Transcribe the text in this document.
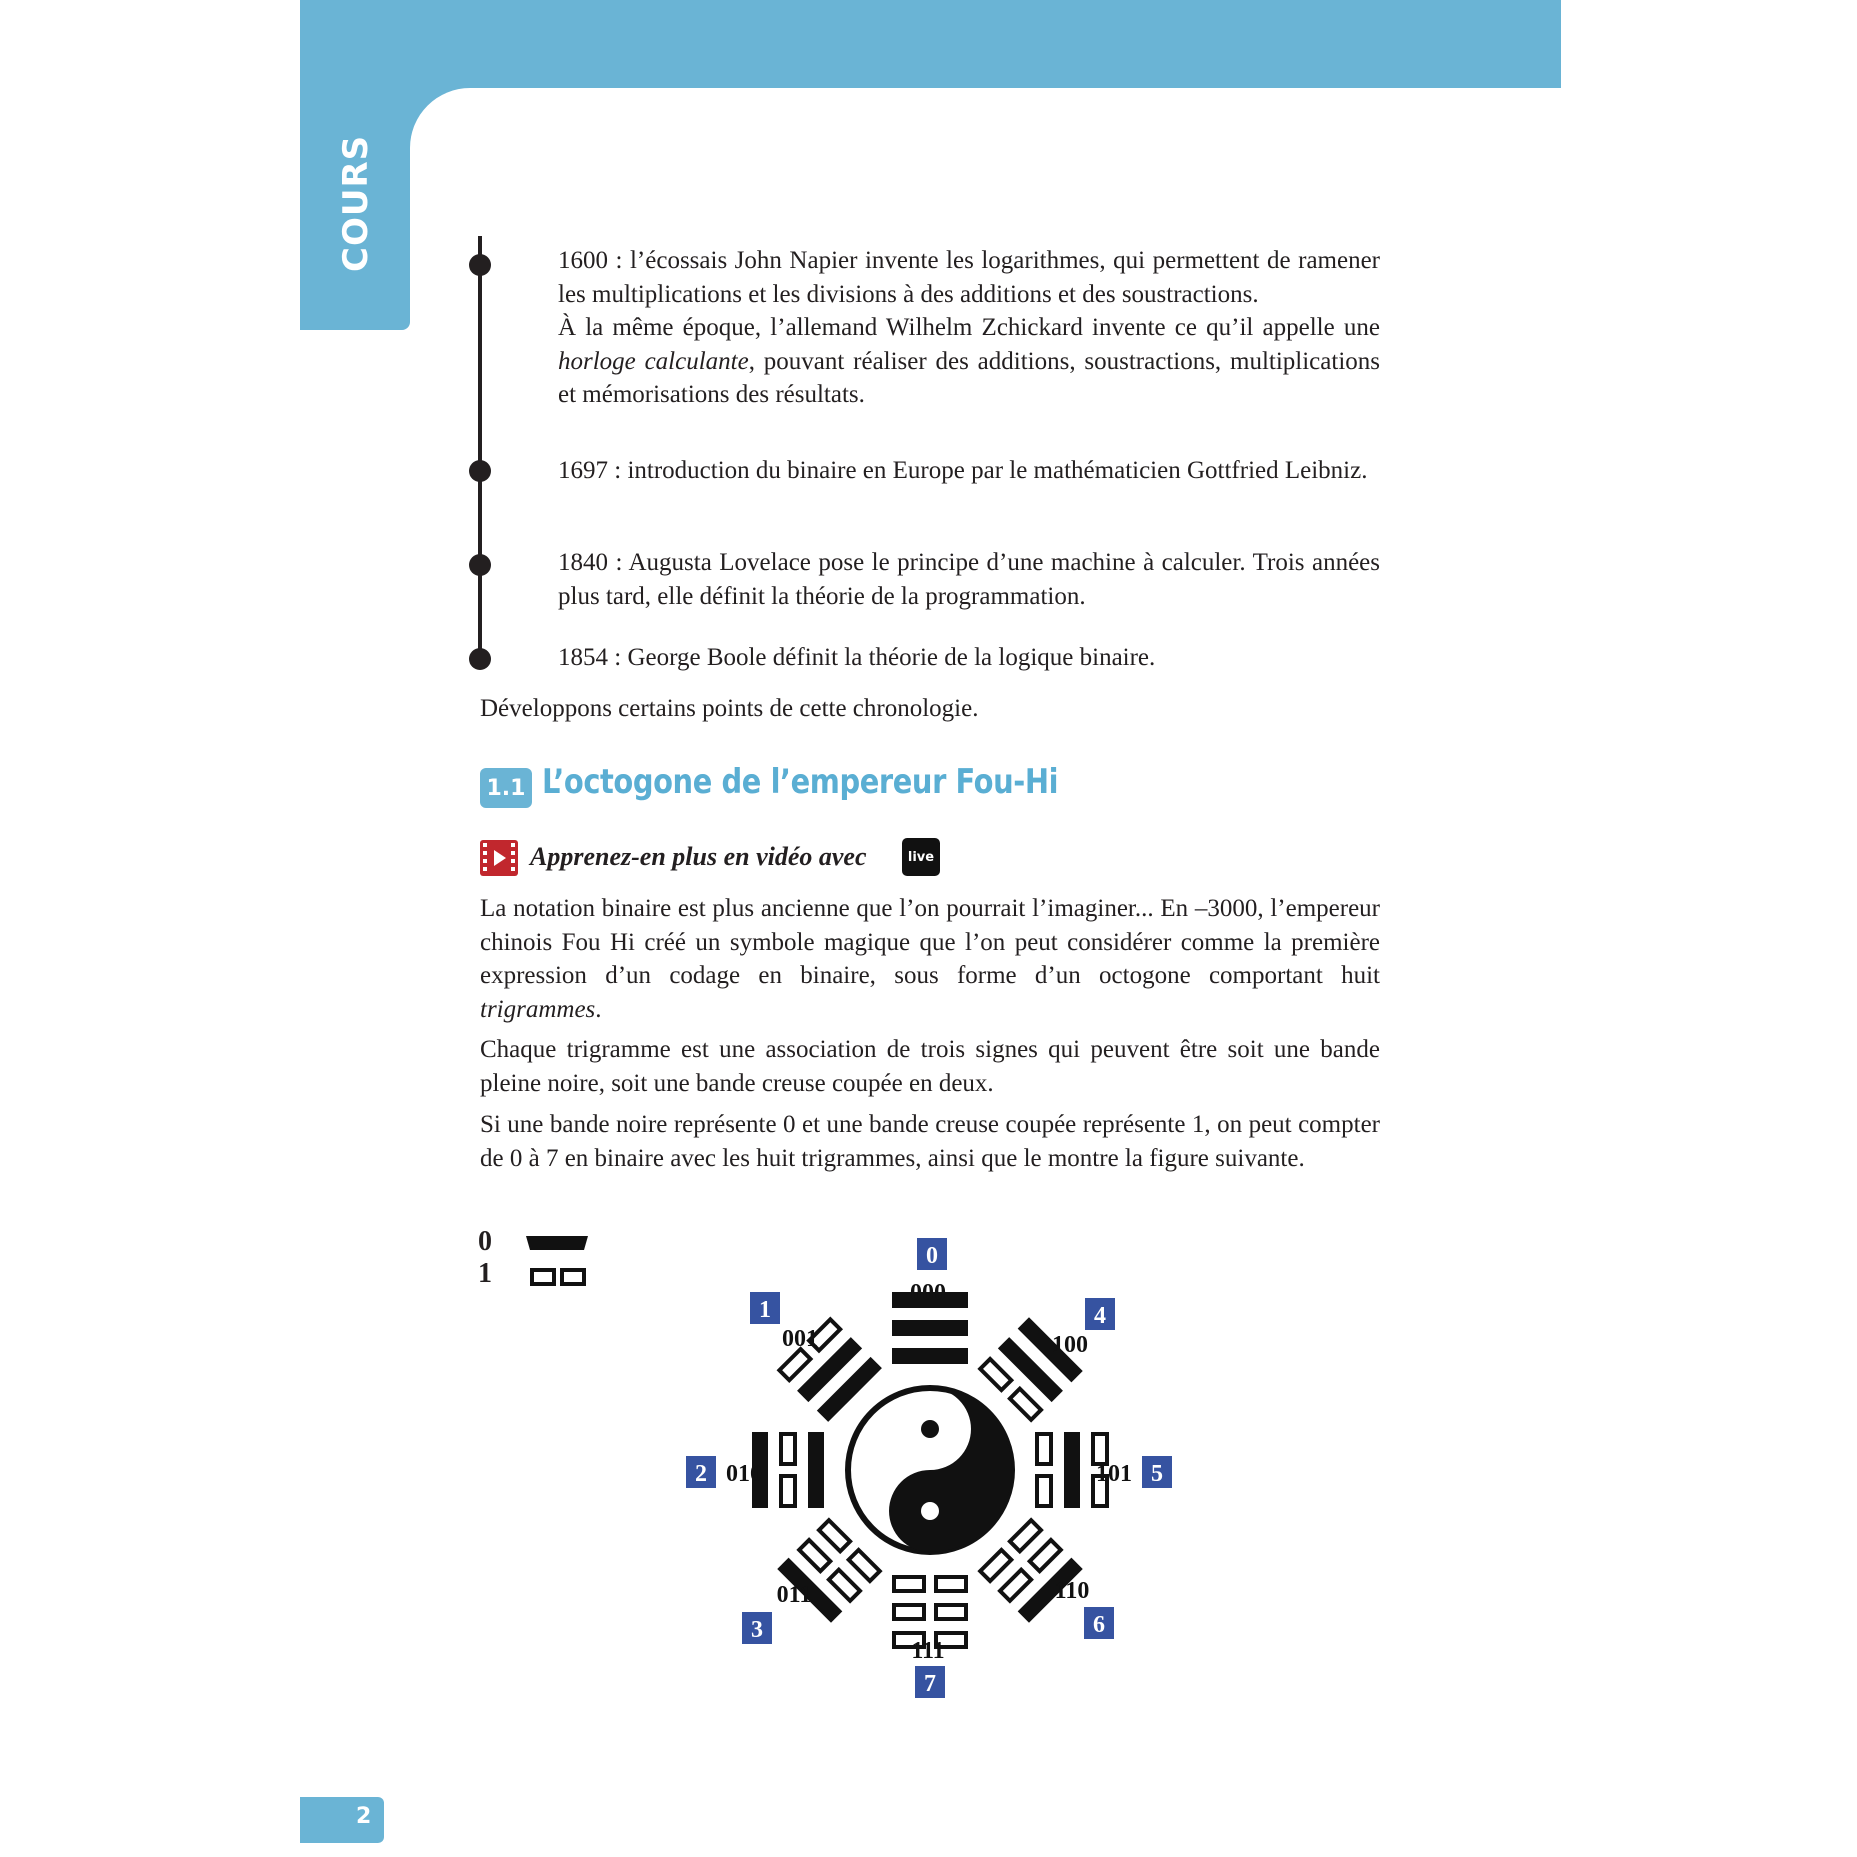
COURS	1600 : l’écossais John Napier invente les logarithmes, qui permettent de ramener les multiplications et les divisions à des additions et des soustractions.
À la même époque, l’allemand Wilhelm Zchickard invente ce qu’il appelle une horloge calculante, pouvant réaliser des additions, soustractions, multiplications et mémorisations des résultats.
1697 : introduction du binaire en Europe par le mathématicien Gottfried Leibniz.
1840 : Augusta Lovelace pose le principe d’une machine à calculer. Trois années plus tard, elle définit la théorie de la programmation.
1854 : George Boole définit la théorie de la logique binaire.
Développons certains points de cette chronologie.
1.1 L’octogone de l’empereur Fou-Hi
Apprenez-en plus en vidéo avec	live
La notation binaire est plus ancienne que l’on pourrait l’imaginer... En –3000, l’empereur chinois Fou Hi créé un symbole magique que l’on peut considérer comme la première expression d’un codage en binaire, sous forme d’un octogone comportant huit trigrammes.
Chaque trigramme est une association de trois signes qui peuvent être soit une bande pleine noire, soit une bande creuse coupée en deux.
Si une bande noire représente 0 et une bande creuse coupée représente 1, on peut compter de 0 à 7 en binaire avec les huit trigrammes, ainsi que le montre la figure suivante.
0
1
0
000
1
001
4
100
2 010	5
101
011
3
110
6
111
7
2
